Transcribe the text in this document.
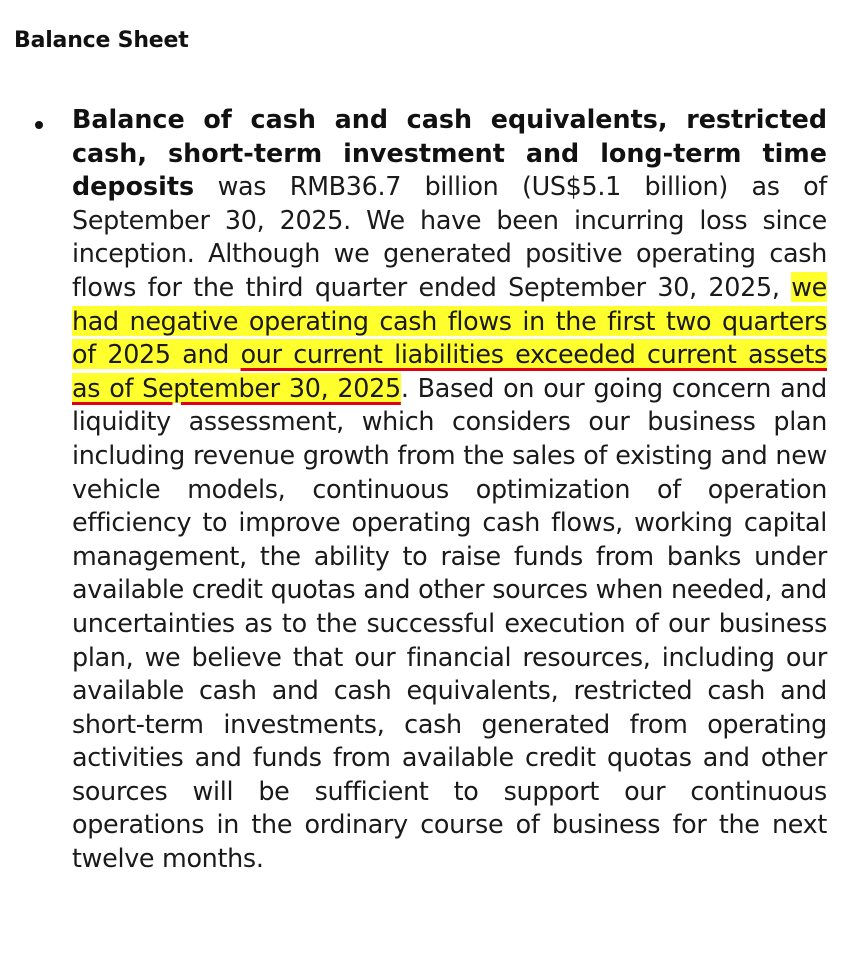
Balance Sheet

Balance of cash and cash equivalents, restricted cash, short-term investment and long-term time deposits was RMB36.7 billion (US$5.1 billion) as of September 30, 2025. We have been incurring loss since inception. Although we generated positive operating cash flows for the third quarter ended September 30, 2025, we had negative operating cash flows in the first two quarters of 2025 and our current liabilities exceeded current assets as of September 30, 2025. Based on our going concern and liquidity assessment, which considers our business plan including revenue growth from the sales of existing and new vehicle models, continuous optimization of operation efficiency to improve operating cash flows, working capital management, the ability to raise funds from banks under available credit quotas and other sources when needed, and uncertainties as to the successful execution of our business plan, we believe that our financial resources, including our available cash and cash equivalents, restricted cash and short-term investments, cash generated from operating activities and funds from available credit quotas and other sources will be sufficient to support our continuous operations in the ordinary course of business for the next twelve months.
